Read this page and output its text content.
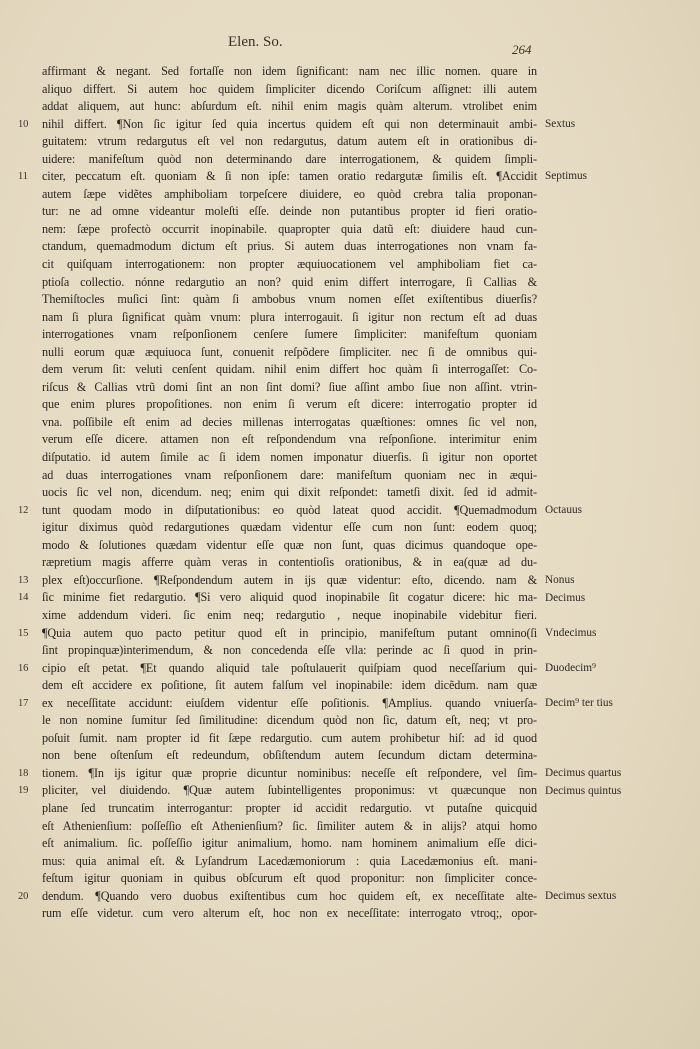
Elen. So.	264
affirmant & negant. Sed fortaſſe non idem ſignificant: nam nec illic nomen. quare in
aliquo differt. Si autem hoc quidem ſimpliciter dicendo Coriſcum aſſignet: illi autem
addat aliquem, aut hunc: abſurdum eſt. nihil enim magis quàm alterum. vtrolibet enim
10	nihil differt. ¶Non ſic igitur ſed quia incertus quidem eſt qui non determinauit ambi-
guitatem: vtrum redargutus eſt vel non redargutus, datum autem eſt in orationibus di-
uidere: manifeſtum quòd non determinando dare interrogationem, & quidem ſimpli-
11	citer, peccatum eſt. quoniam & ſi non ipſe: tamen oratio redargutæ ſimilis eſt. ¶Accidit
autem ſæpe vidẽtes amphiboliam torpeſcere diuidere, eo quòd crebra talia proponan-
tur: ne ad omne videantur moleſti eſſe. deinde non putantibus propter id fieri oratio-
nem: ſæpe profectò occurrit inopinabile. quapropter quia datũ eſt: diuidere haud cun-
ctandum, quemadmodum dictum eſt prius. Si autem duas interrogationes non vnam fa-
cit quiſquam interrogationem: non propter æquiuocationem vel amphiboliam fiet ca-
ptioſa collectio. nónne redargutio an non? quid enim differt interrogare, ſi Callias &
Themiſtocles muſici ſint: quàm ſi ambobus vnum nomen eſſet exiſtentibus diuerſis?
nam ſi plura ſignificat quàm vnum: plura interrogauit. ſi igitur non rectum eſt ad duas
interrogationes vnam reſponſionem cenſere ſumere ſimpliciter: manifeſtum quoniam
nulli eorum quæ æquiuoca ſunt, conuenit reſpõdere ſimpliciter. nec ſi de omnibus qui-
dem verum ſit: veluti cenſent quidam. nihil enim differt hoc quàm ſi interrogaſſet: Co-
riſcus & Callias vtrũ domi ſint an non ſint domi? ſiue aſſint ambo ſiue non aſſint. vtrin-
que enim plures propoſitiones. non enim ſi verum eſt dicere: interrogatio propter id
vna. poſſibile eſt enim ad decies millenas interrogatas quæſtiones: omnes ſic vel non,
verum eſſe dicere. attamen non eſt reſpondendum vna reſponſione. interimitur enim
diſputatio. id autem ſimile ac ſi idem nomen imponatur diuerſis. ſi igitur non oportet
ad duas interrogationes vnam reſponſionem dare: manifeſtum quoniam nec in æqui-
uocis ſic vel non, dicendum. neq; enim qui dixit reſpondet: tametſi dixit. ſed id admit-
12	tunt quodam modo in diſputationibus: eo quòd lateat quod accidit. ¶Quemadmodum
igitur diximus quòd redargutiones quædam videntur eſſe cum non ſunt: eodem quoq;
modo & ſolutiones quædam videntur eſſe quæ non ſunt, quas dicimus quandoque ope-
ræpretium magis afferre quàm veras in contentioſis orationibus, & in ea(quæ ad du-
13	plex eſt)occurſione. ¶Reſpondendum autem in ijs quæ videntur: eſto, dicendo. nam &
14	ſic minime fiet redargutio. ¶Si vero aliquid quod inopinabile ſit cogatur dicere: hic ma-
xime addendum videri. ſic enim neq; redargutio , neque inopinabile videbitur fieri.
15	¶Quia autem quo pacto petitur quod eſt in principio, manifeſtum putant omnino(ſi
ſint propinquæ)interimendum, & non concedenda eſſe vlla: perinde ac ſi quod in prin-
16	cipio eſt petat. ¶Et quando aliquid tale poſtulauerit quiſpiam quod neceſſarium qui-
dem eſt accidere ex poſitione, ſit autem falſum vel inopinabile: idem dicẽdum. nam quæ
17	ex neceſſitate accidunt: eiuſdem videntur eſſe poſitionis. ¶Amplius. quando vniuerſa-
le non nomine ſumitur ſed ſimilitudine: dicendum quòd non ſic, datum eſt, neq; vt pro-
poſuit ſumit. nam propter id fit ſæpe redargutio. cum autem prohibetur hiſ: ad id quod
non bene oſtenſum eſt redeundum, obſiſtendum autem ſecundum dictam determina-
18	tionem. ¶In ijs igitur quæ proprie dicuntur nominibus: neceſſe eſt reſpondere, vel ſim-
19	pliciter, vel diuidendo. ¶Quæ autem ſubintelligentes proponimus: vt quæcunque non
plane ſed truncatim interrogantur: propter id accidit redargutio. vt putaſne quicquid
eſt Athenienſium: poſſeſſio eſt Athenienſium? ſic. ſimiliter autem & in alijs? atqui homo
eſt animalium. ſic. poſſeſſio igitur animalium, homo. nam hominem animalium eſſe dici-
mus: quia animal eſt. & Lyſandrum Lacedæmoniorum : quia Lacedæmonius eſt. mani-
feſtum igitur quoniam in quibus obſcurum eſt quod proponitur: non ſimpliciter conce-
20	dendum. ¶Quando vero duobus exiſtentibus cum hoc quidem eſt, ex neceſſitate alte-
rum eſſe videtur. cum vero alterum eſt, hoc non ex neceſſitate: interrogato vtroq;, opor-
Sextus
Septimus
Octauus
Nonus
Decimus
Vndecimus
Duodecim⁹
Decim⁹ ter tius
Decimus quartus
Decimus quintus
Decimus sextus
